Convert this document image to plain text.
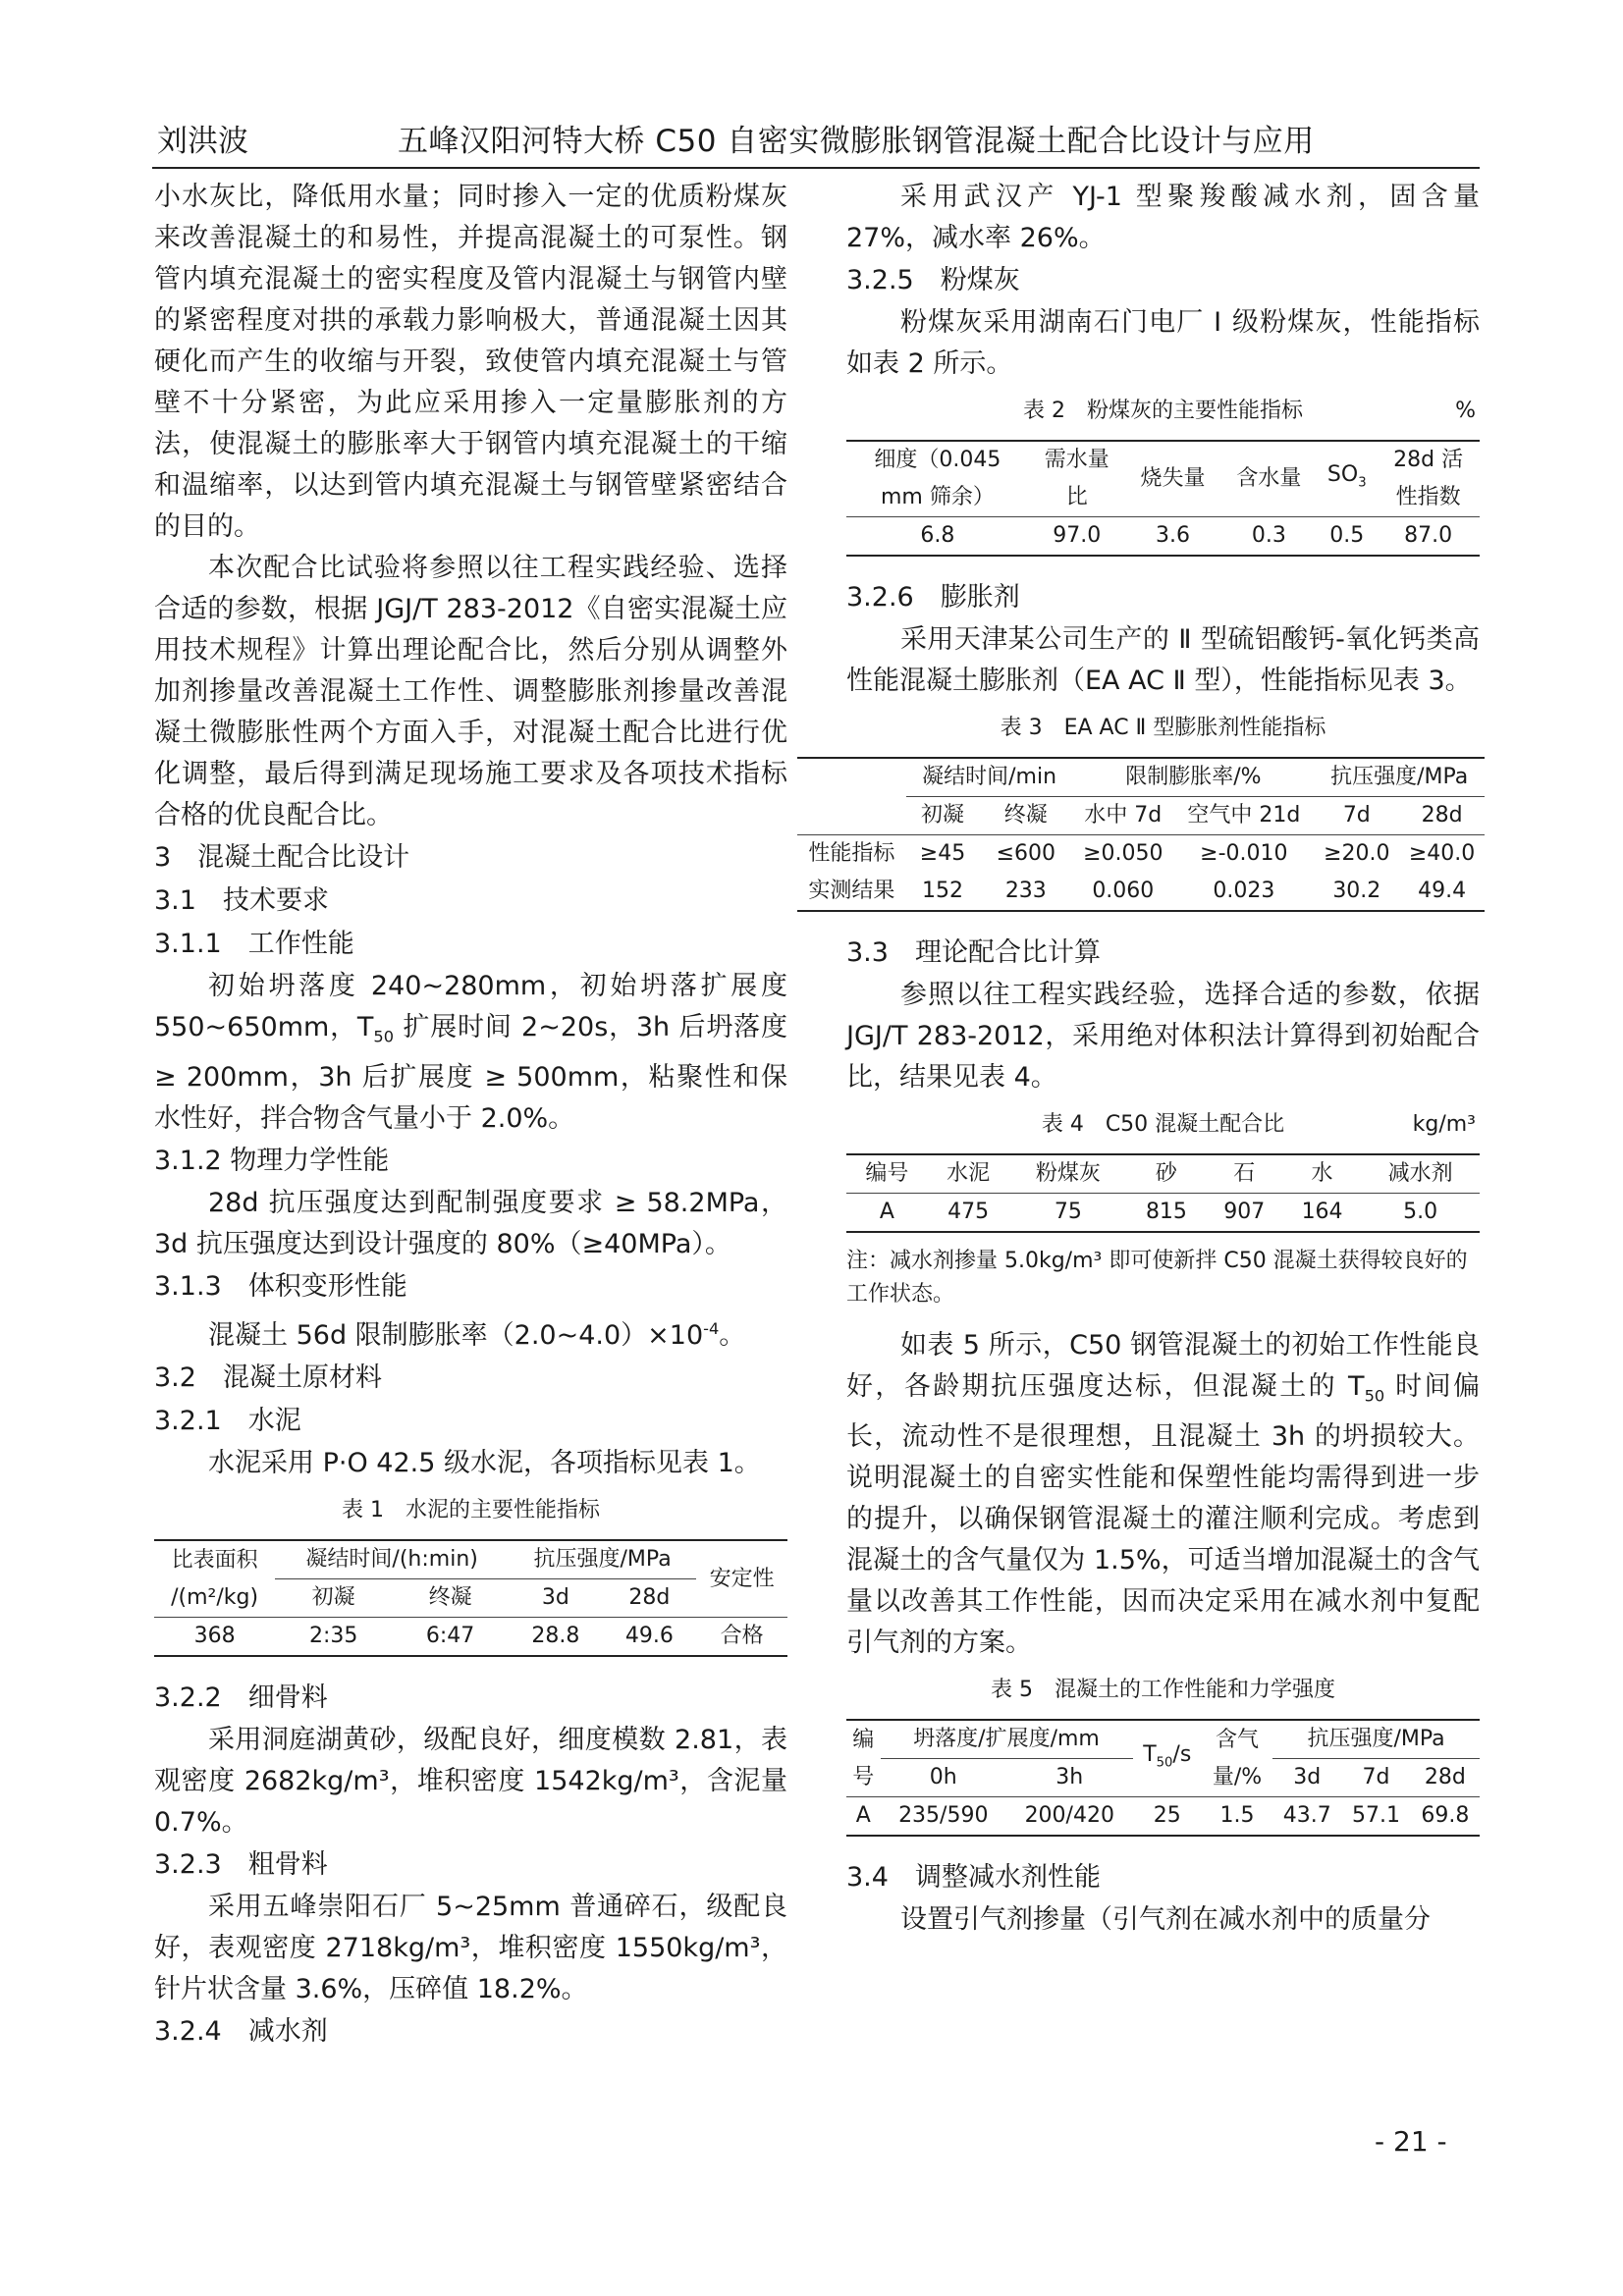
刘洪波	五峰汉阳河特大桥 C50 自密实微膨胀钢管混凝土配合比设计与应用

小水灰比，降低用水量；同时掺入一定的优质粉煤灰来改善混凝土的和易性，并提高混凝土的可泵性。钢管内填充混凝土的密实程度及管内混凝土与钢管内壁的紧密程度对拱的承载力影响极大，普通混凝土因其硬化而产生的收缩与开裂，致使管内填充混凝土与管壁不十分紧密，为此应采用掺入一定量膨胀剂的方法，使混凝土的膨胀率大于钢管内填充混凝土的干缩和温缩率，以达到管内填充混凝土与钢管壁紧密结合的目的。

本次配合比试验将参照以往工程实践经验、选择合适的参数，根据 JGJ/T 283-2012《自密实混凝土应用技术规程》计算出理论配合比，然后分别从调整外加剂掺量改善混凝土工作性、调整膨胀剂掺量改善混凝土微膨胀性两个方面入手，对混凝土配合比进行优化调整，最后得到满足现场施工要求及各项技术指标合格的优良配合比。

3　混凝土配合比设计
3.1　技术要求
3.1.1　工作性能

初始坍落度 240~280mm，初始坍落扩展度 550~650mm，$T_{50}$ 扩展时间 2~20s，3h 后坍落度 ≥ 200mm，3h 后扩展度 ≥ 500mm，粘聚性和保水性好，拌合物含气量小于 2.0%。

3.1.2 物理力学性能

28d 抗压强度达到配制强度要求 ≥ 58.2MPa，3d 抗压强度达到设计强度的 80%（≥40MPa）。

3.1.3　体积变形性能

混凝土 56d 限制膨胀率$(2.0\sim 4.0)\times 10^{-4}$。

3.2　混凝土原材料
3.2.1　水泥

水泥采用 P·O 42.5 级水泥，各项指标见表 1。

表 1　水泥的主要性能指标
比表面积	凝结时间/(h:min)		抗压强度/MPa		安定性
/(m²/kg)	初凝	终凝	3d	28d	
368	2:35	6:47	28.8	49.6	合格
3.2.2　细骨料

采用洞庭湖黄砂，级配良好，细度模数 2.81，表观密度 2682kg/m³，堆积密度 1542kg/m³，含泥量 0.7%。

3.2.3　粗骨料

采用五峰崇阳石厂 5~25mm 普通碎石，级配良好，表观密度 2718kg/m³，堆积密度 1550kg/m³，针片状含量 3.6%，压碎值 18.2%。

3.2.4　减水剂

采用武汉产 YJ-1 型聚羧酸减水剂，固含量 27%，减水率 26%。

3.2.5　粉煤灰

粉煤灰采用湖南石门电厂 Ⅰ 级粉煤灰，性能指标如表 2 所示。

表 2　粉煤灰的主要性能指标	%
细度（0.045	需水量	烧失量	含水量	$SO_3$	28d 活
mm 筛余）	比				性指数
6.8	97.0	3.6	0.3	0.5	87.0
3.2.6　膨胀剂

采用天津某公司生产的 Ⅱ 型硫铝酸钙-氧化钙类高性能混凝土膨胀剂（EA AC Ⅱ 型），性能指标见表 3。

表 3　EA AC Ⅱ 型膨胀剂性能指标
	凝结时间/min		限制膨胀率/%		抗压强度/MPa	
	初凝	终凝	水中 7d	空气中 21d	7d	28d
性能指标	≥45	≤600	≥0.050	≥-0.010	≥20.0	≥40.0
实测结果	152	233	0.060	0.023	30.2	49.4
3.3　理论配合比计算

参照以往工程实践经验，选择合适的参数，依据 JGJ/T 283-2012，采用绝对体积法计算得到初始配合比，结果见表 4。

表 4　C50 混凝土配合比	kg/m³
编号	水泥	粉煤灰	砂	石	水	减水剂
A	475	75	815	907	164	5.0
注：减水剂掺量 5.0kg/m³ 即可使新拌 C50 混凝土获得较良好的工作状态。

如表 5 所示，C50 钢管混凝土的初始工作性能良好，各龄期抗压强度达标，但混凝土的 $T_{50}$ 时间偏长，流动性不是很理想，且混凝土 3h 的坍损较大。说明混凝土的自密实性能和保塑性能均需得到进一步的提升，以确保钢管混凝土的灌注顺利完成。考虑到混凝土的含气量仅为 1.5%，可适当增加混凝土的含气量以改善其工作性能，因而决定采用在减水剂中复配引气剂的方案。

表 5　混凝土的工作性能和力学强度
编	坍落度/扩展度/mm		$T_{50}/s$	含气	抗压强度/MPa		
号	0h	3h		量/%	3d	7d	28d
A	235/590	200/420	25	1.5	43.7	57.1	69.8
3.4　调整减水剂性能

设置引气剂掺量（引气剂在减水剂中的质量分

- 21 -
